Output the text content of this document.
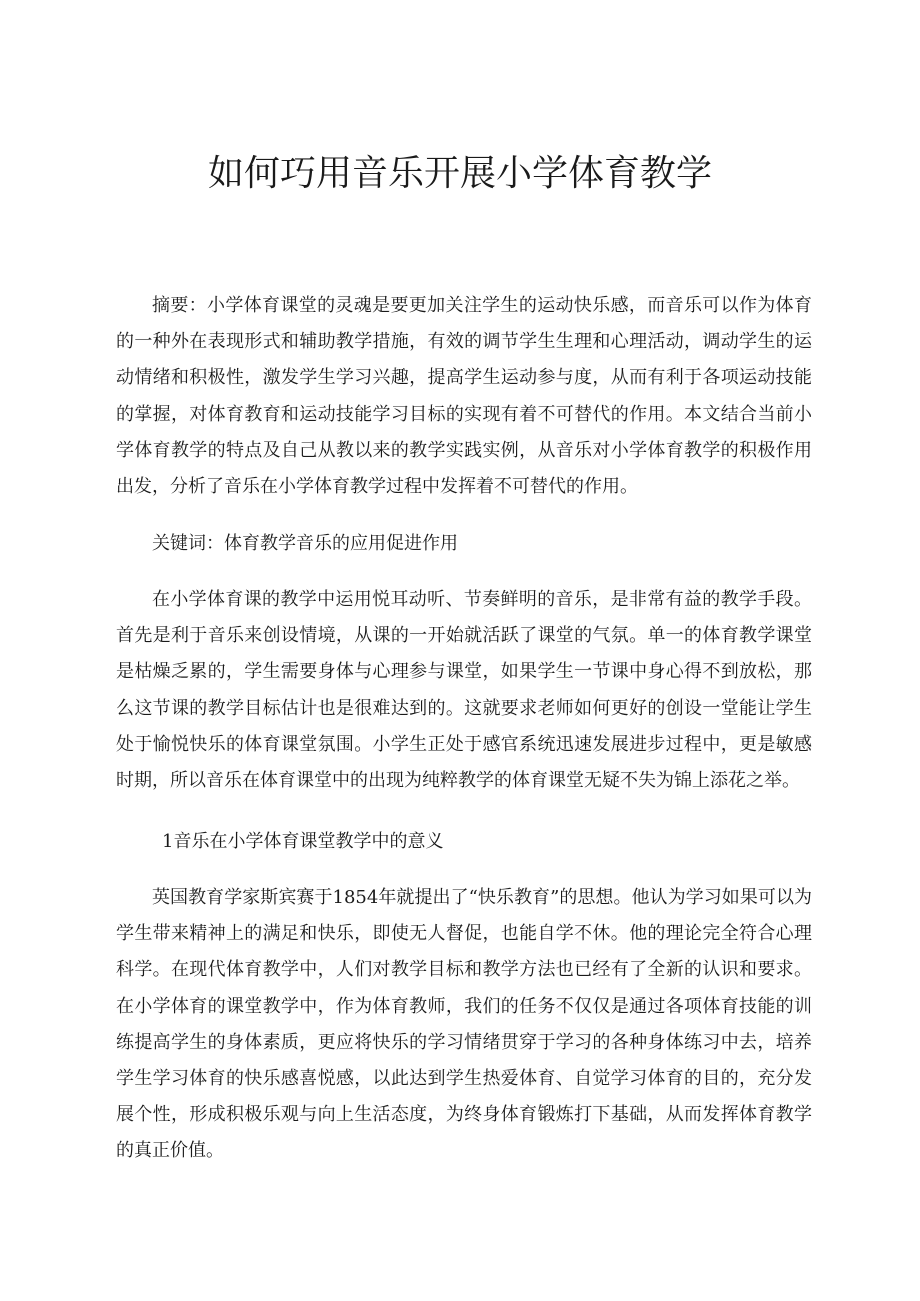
如何巧用音乐开展小学体育教学

摘要：小学体育课堂的灵魂是要更加关注学生的运动快乐感，而音乐可以作为体育的一种外在表现形式和辅助教学措施，有效的调节学生生理和心理活动，调动学生的运动情绪和积极性，激发学生学习兴趣，提高学生运动参与度，从而有利于各项运动技能的掌握，对体育教育和运动技能学习目标的实现有着不可替代的作用。本文结合当前小学体育教学的特点及自己从教以来的教学实践实例，从音乐对小学体育教学的积极作用出发，分析了音乐在小学体育教学过程中发挥着不可替代的作用。

关键词：体育教学音乐的应用促进作用

在小学体育课的教学中运用悦耳动听、节奏鲜明的音乐，是非常有益的教学手段。首先是利于音乐来创设情境，从课的一开始就活跃了课堂的气氛。单一的体育教学课堂是枯燥乏累的，学生需要身体与心理参与课堂，如果学生一节课中身心得不到放松，那么这节课的教学目标估计也是很难达到的。这就要求老师如何更好的创设一堂能让学生处于愉悦快乐的体育课堂氛围。小学生正处于感官系统迅速发展进步过程中，更是敏感时期，所以音乐在体育课堂中的出现为纯粹教学的体育课堂无疑不失为锦上添花之举。

1音乐在小学体育课堂教学中的意义

英国教育学家斯宾赛于1854年就提出了“快乐教育”的思想。他认为学习如果可以为学生带来精神上的满足和快乐，即使无人督促，也能自学不休。他的理论完全符合心理科学。在现代体育教学中，人们对教学目标和教学方法也已经有了全新的认识和要求。在小学体育的课堂教学中，作为体育教师，我们的任务不仅仅是通过各项体育技能的训练提高学生的身体素质，更应将快乐的学习情绪贯穿于学习的各种身体练习中去，培养学生学习体育的快乐感喜悦感，以此达到学生热爱体育、自觉学习体育的目的，充分发展个性，形成积极乐观与向上生活态度，为终身体育锻炼打下基础，从而发挥体育教学的真正价值。
